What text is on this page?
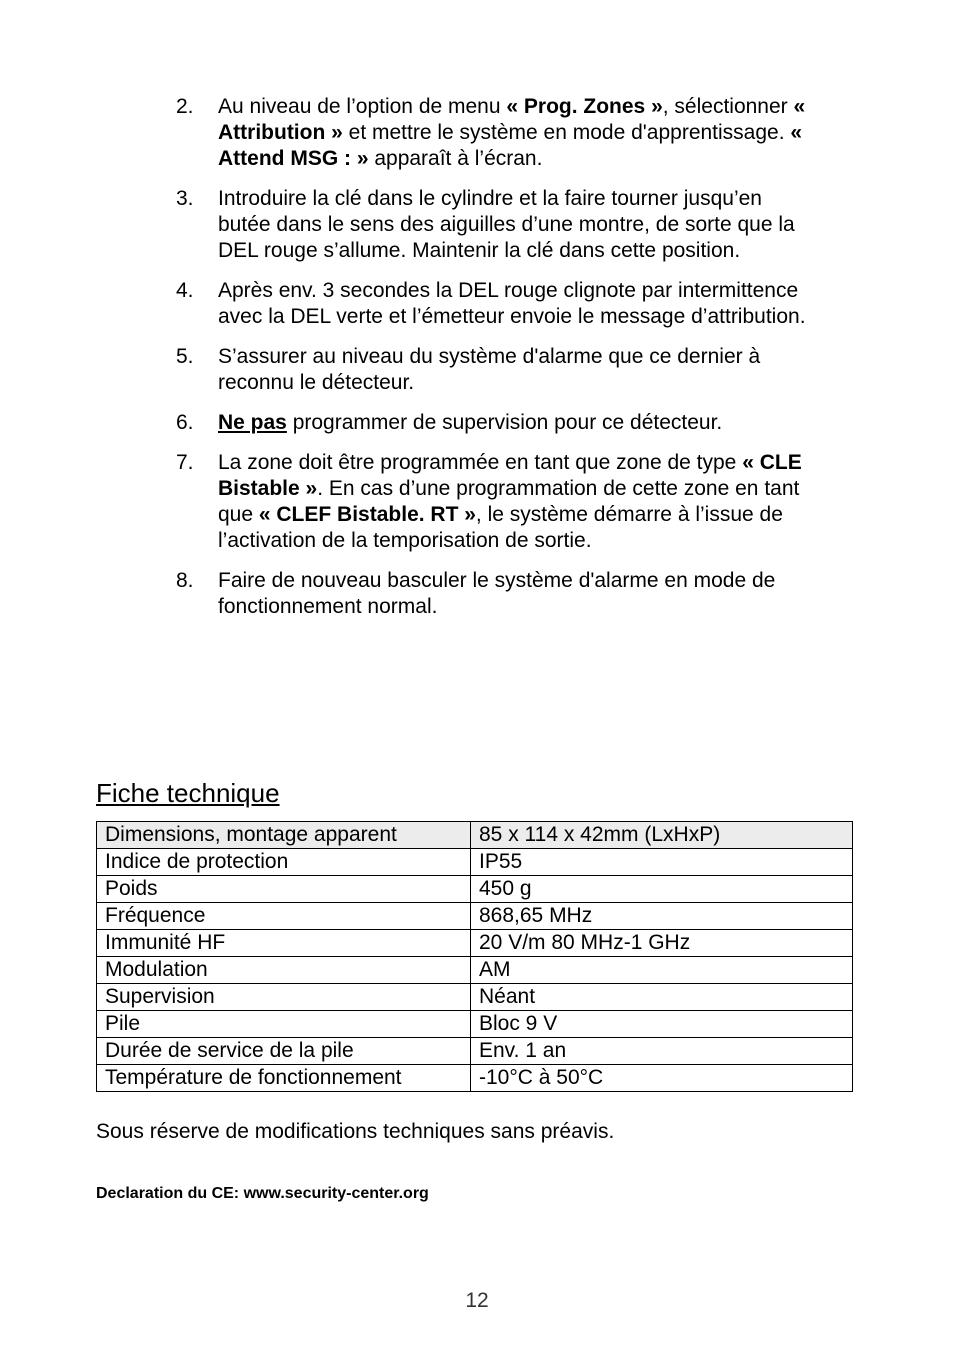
2.	Au niveau de l’option de menu « Prog. Zones », sélectionner « Attribution » et mettre le système en mode d'apprentissage. « Attend MSG : » apparaît à l’écran.
3.	Introduire la clé dans le cylindre et la faire tourner jusqu’en butée dans le sens des aiguilles d’une montre, de sorte que la DEL rouge s’allume. Maintenir la clé dans cette position.
4.	Après env. 3 secondes la DEL rouge clignote par intermittence avec la DEL verte et l’émetteur envoie le message d’attribution.
5.	S’assurer au niveau du système d'alarme que ce dernier à reconnu le détecteur.
6.	Ne pas programmer de supervision pour ce détecteur.
7.	La zone doit être programmée en tant que zone de type « CLE Bistable ». En cas d’une programmation de cette zone en tant que « CLEF Bistable. RT », le système démarre à l’issue de l’activation de la temporisation de sortie.
8.	Faire de nouveau basculer le système d'alarme en mode de fonctionnement normal.
Fiche technique
Dimensions, montage apparent	85 x 114 x 42mm (LxHxP)
Indice de protection	IP55
Poids	450 g
Fréquence	868,65 MHz
Immunité HF	20 V/m 80 MHz-1 GHz
Modulation	AM
Supervision	Néant
Pile	Bloc 9 V
Durée de service de la pile	Env. 1 an
Température de fonctionnement	-10°C à 50°C
Sous réserve de modifications techniques sans préavis.
Declaration du CE: www.security-center.org
12
